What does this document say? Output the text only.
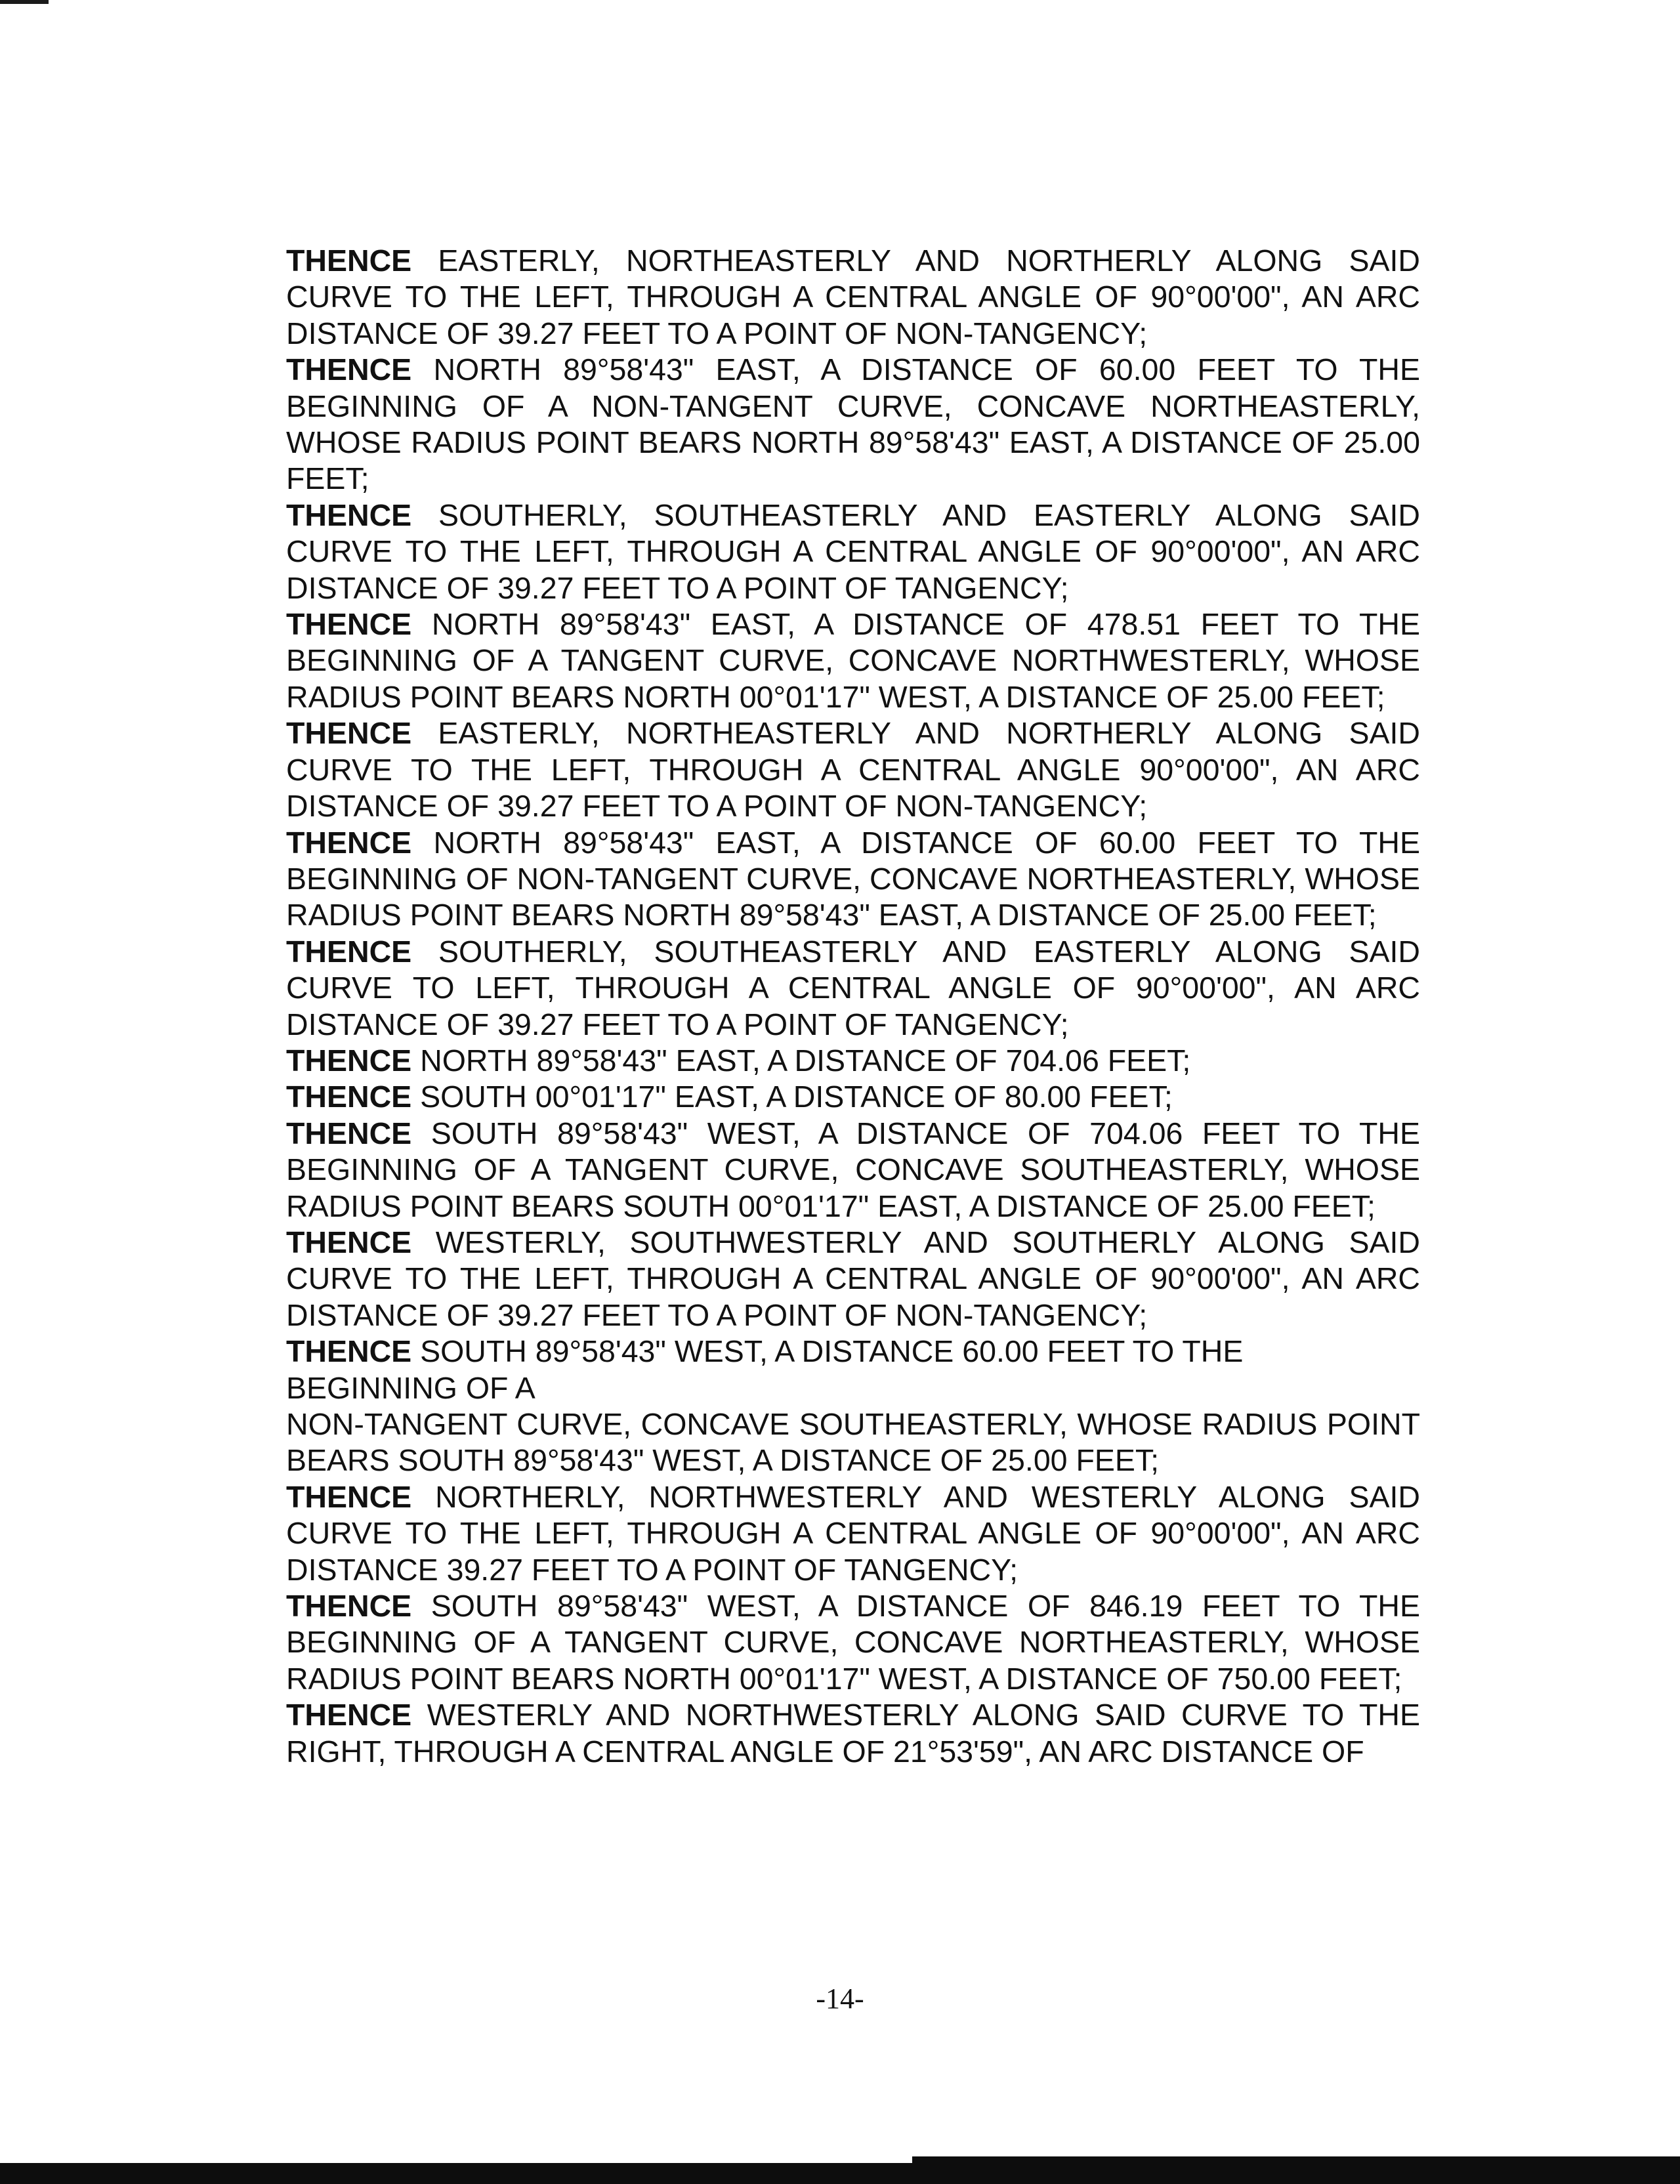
THENCE EASTERLY, NORTHEASTERLY AND NORTHERLY ALONG SAID CURVE TO THE LEFT, THROUGH A CENTRAL ANGLE OF 90°00'00", AN ARC DISTANCE OF 39.27 FEET TO A POINT OF NON-TANGENCY;

THENCE NORTH 89°58'43" EAST, A DISTANCE OF 60.00 FEET TO THE BEGINNING OF A NON-TANGENT CURVE, CONCAVE NORTHEASTERLY, WHOSE RADIUS POINT BEARS NORTH 89°58'43" EAST, A DISTANCE OF 25.00 FEET;

THENCE SOUTHERLY, SOUTHEASTERLY AND EASTERLY ALONG SAID CURVE TO THE LEFT, THROUGH A CENTRAL ANGLE OF 90°00'00", AN ARC DISTANCE OF 39.27 FEET TO A POINT OF TANGENCY;

THENCE NORTH 89°58'43" EAST, A DISTANCE OF 478.51 FEET TO THE BEGINNING OF A TANGENT CURVE, CONCAVE NORTHWESTERLY, WHOSE RADIUS POINT BEARS NORTH 00°01'17" WEST, A DISTANCE OF 25.00 FEET;

THENCE EASTERLY, NORTHEASTERLY AND NORTHERLY ALONG SAID CURVE TO THE LEFT, THROUGH A CENTRAL ANGLE 90°00'00", AN ARC DISTANCE OF 39.27 FEET TO A POINT OF NON-TANGENCY;

THENCE NORTH 89°58'43" EAST, A DISTANCE OF 60.00 FEET TO THE BEGINNING OF NON-TANGENT CURVE, CONCAVE NORTHEASTERLY, WHOSE RADIUS POINT BEARS NORTH 89°58'43" EAST, A DISTANCE OF 25.00 FEET;

THENCE SOUTHERLY, SOUTHEASTERLY AND EASTERLY ALONG SAID CURVE TO LEFT, THROUGH A CENTRAL ANGLE OF 90°00'00", AN ARC DISTANCE OF 39.27 FEET TO A POINT OF TANGENCY;

THENCE NORTH 89°58'43" EAST, A DISTANCE OF 704.06 FEET;

THENCE SOUTH 00°01'17" EAST, A DISTANCE OF 80.00 FEET;

THENCE SOUTH 89°58'43" WEST, A DISTANCE OF 704.06 FEET TO THE BEGINNING OF A TANGENT CURVE, CONCAVE SOUTHEASTERLY, WHOSE RADIUS POINT BEARS SOUTH 00°01'17" EAST, A DISTANCE OF 25.00 FEET;

THENCE WESTERLY, SOUTHWESTERLY AND SOUTHERLY ALONG SAID CURVE TO THE LEFT, THROUGH A CENTRAL ANGLE OF 90°00'00", AN ARC DISTANCE OF 39.27 FEET TO A POINT OF NON-TANGENCY;

THENCE SOUTH 89°58'43" WEST, A DISTANCE 60.00 FEET TO THE BEGINNING OF A

NON-TANGENT CURVE, CONCAVE SOUTHEASTERLY, WHOSE RADIUS POINT BEARS SOUTH 89°58'43" WEST, A DISTANCE OF 25.00 FEET;

THENCE NORTHERLY, NORTHWESTERLY AND WESTERLY ALONG SAID CURVE TO THE LEFT, THROUGH A CENTRAL ANGLE OF 90°00'00", AN ARC DISTANCE 39.27 FEET TO A POINT OF TANGENCY;

THENCE SOUTH 89°58'43" WEST, A DISTANCE OF 846.19 FEET TO THE BEGINNING OF A TANGENT CURVE, CONCAVE NORTHEASTERLY, WHOSE RADIUS POINT BEARS NORTH 00°01'17" WEST, A DISTANCE OF 750.00 FEET;

THENCE WESTERLY AND NORTHWESTERLY ALONG SAID CURVE TO THE RIGHT, THROUGH A CENTRAL ANGLE OF 21°53'59", AN ARC DISTANCE OF

-14-
